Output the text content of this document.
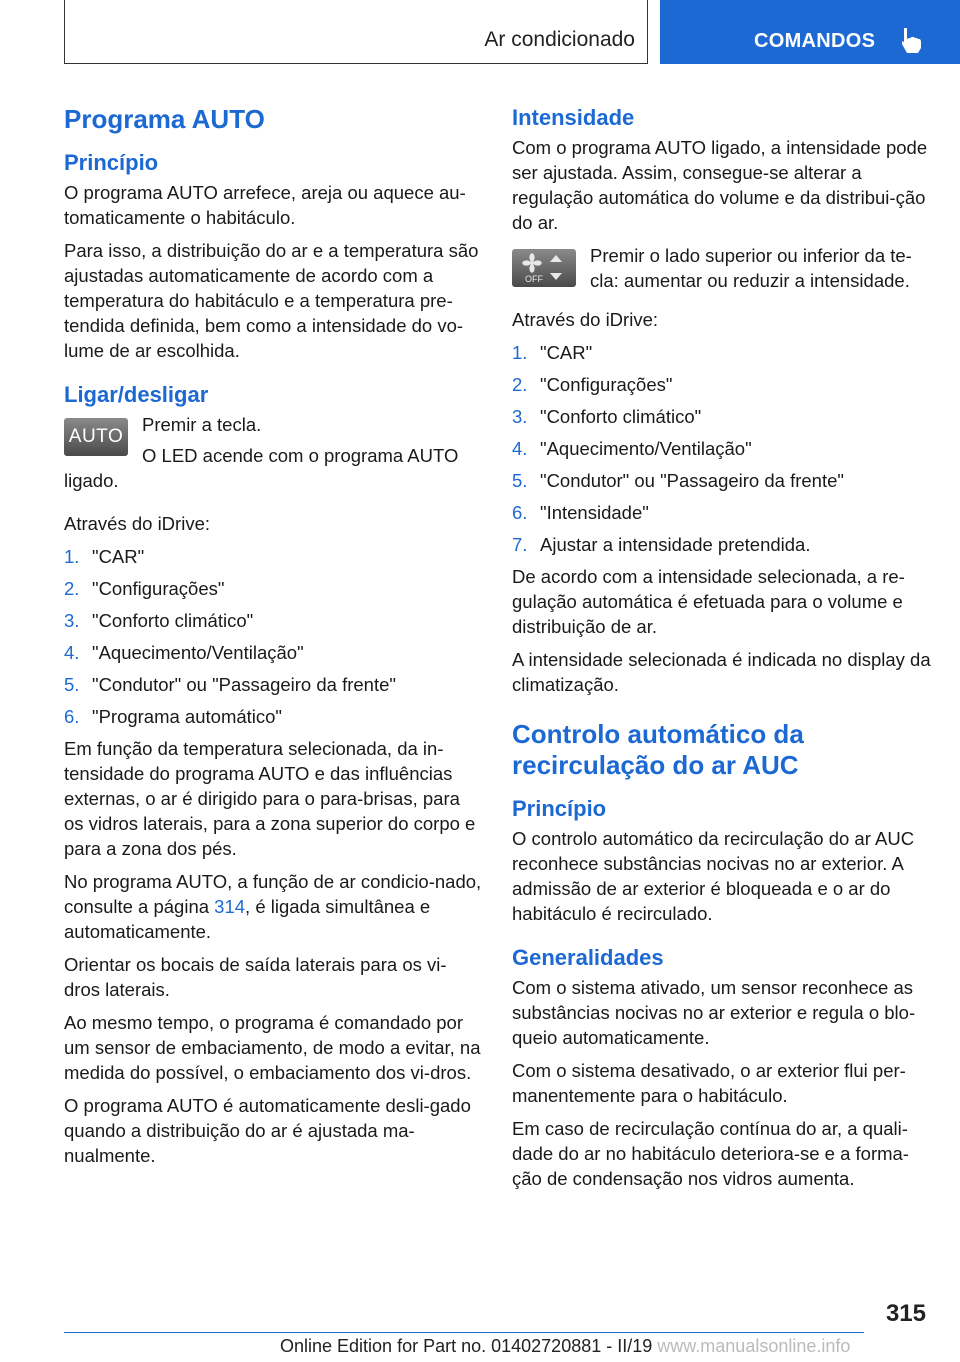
Ar condicionado	COMANDOS
Programa AUTO
Princípio

O programa AUTO arrefece, areja ou aquece au-tomaticamente o habitáculo.

Para isso, a distribuição do ar e a temperatura são ajustadas automaticamente de acordo com a temperatura do habitáculo e a temperatura pre-tendida definida, bem como a intensidade do vo-lume de ar escolhida.

Ligar/desligar
AUTO

Premir a tecla.

O LED acende com o programa AUTO ligado.

Através do iDrive:

1. "CAR"
2. "Configurações"
3. "Conforto climático"
4. "Aquecimento/Ventilação"
5. "Condutor" ou "Passageiro da frente"
6. "Programa automático"

Em função da temperatura selecionada, da in-tensidade do programa AUTO e das influências externas, o ar é dirigido para o para-brisas, para os vidros laterais, para a zona superior do corpo e para a zona dos pés.

No programa AUTO, a função de ar condicio-nado, consulte a página 314, é ligada simultânea e automaticamente.

Orientar os bocais de saída laterais para os vi-dros laterais.

Ao mesmo tempo, o programa é comandado por um sensor de embaciamento, de modo a evitar, na medida do possível, o embaciamento dos vi-dros.

O programa AUTO é automaticamente desli-gado quando a distribuição do ar é ajustada ma-nualmente.

Intensidade

Com o programa AUTO ligado, a intensidade pode ser ajustada. Assim, consegue-se alterar a regulação automática do volume e da distribui-ção do ar.

OFF

Premir o lado superior ou inferior da te-cla: aumentar ou reduzir a intensidade.

Através do iDrive:

1. "CAR"
2. "Configurações"
3. "Conforto climático"
4. "Aquecimento/Ventilação"
5. "Condutor" ou "Passageiro da frente"
6. "Intensidade"
7. Ajustar a intensidade pretendida.

De acordo com a intensidade selecionada, a re-gulação automática é efetuada para o volume e distribuição de ar.

A intensidade selecionada é indicada no display da climatização.

Controlo automático da recirculação do ar AUC
Princípio

O controlo automático da recirculação do ar AUC reconhece substâncias nocivas no ar exterior. A admissão de ar exterior é bloqueada e o ar do habitáculo é recirculado.

Generalidades

Com o sistema ativado, um sensor reconhece as substâncias nocivas no ar exterior e regula o blo-queio automaticamente.

Com o sistema desativado, o ar exterior flui per-manentemente para o habitáculo.

Em caso de recirculação contínua do ar, a quali-dade do ar no habitáculo deteriora-se e a forma-ção de condensação nos vidros aumenta.

315
Online Edition for Part no. 01402720881 - II/19 www.manualsonline.info
